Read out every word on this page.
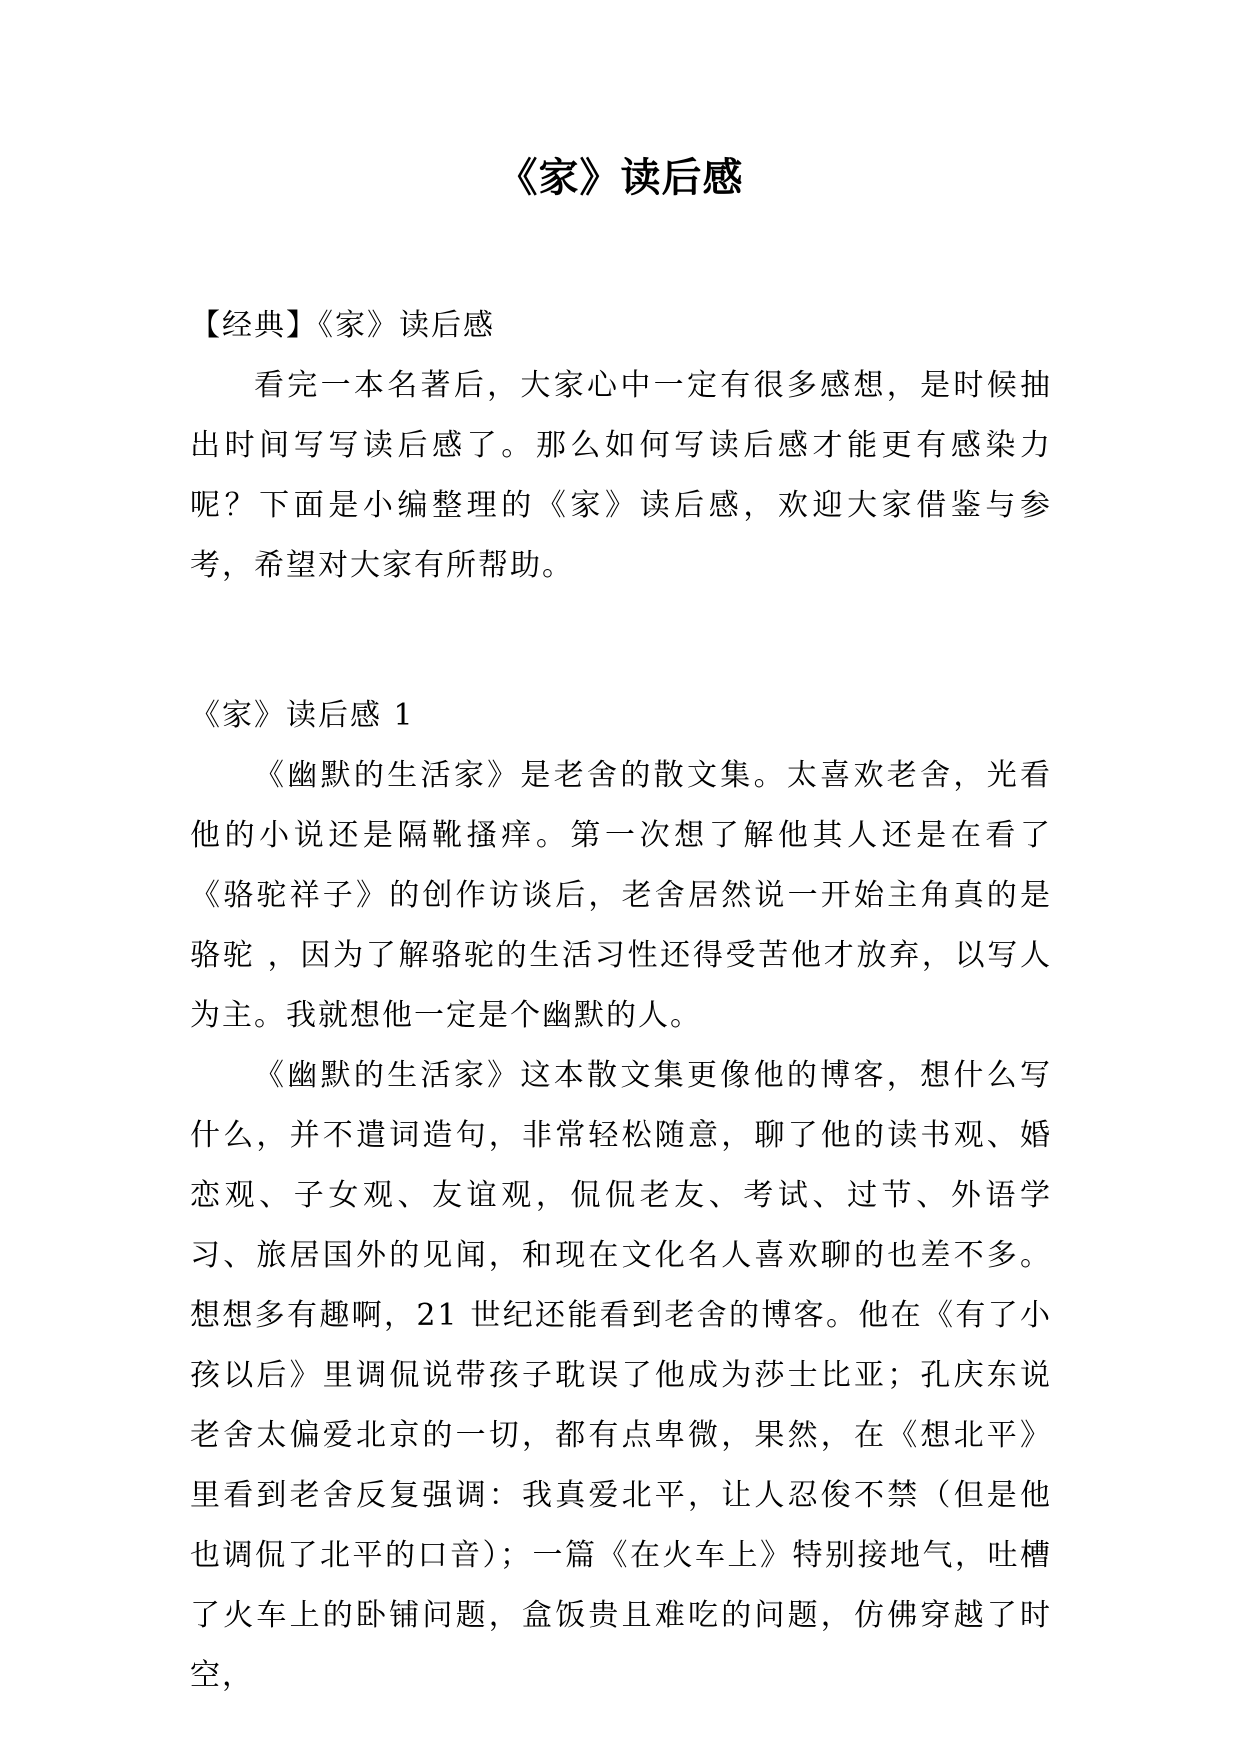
《家》读后感

【经典】《家》读后感

看完一本名著后，大家心中一定有很多感想，是时候抽出时间写写读后感了。那么如何写读后感才能更有感染力呢？下面是小编整理的《家》读后感，欢迎大家借鉴与参考，希望对大家有所帮助。

《家》读后感 1

《幽默的生活家》是老舍的散文集。太喜欢老舍，光看他的小说还是隔靴搔痒。第一次想了解他其人还是在看了《骆驼祥子》的创作访谈后，老舍居然说一开始主角真的是骆驼 ，因为了解骆驼的生活习性还得受苦他才放弃，以写人为主。我就想他一定是个幽默的人。

《幽默的生活家》这本散文集更像他的博客，想什么写什么，并不遣词造句，非常轻松随意，聊了他的读书观、婚恋观、子女观、友谊观，侃侃老友、考试、过节、外语学习、旅居国外的见闻，和现在文化名人喜欢聊的也差不多。想想多有趣啊，21 世纪还能看到老舍的博客。他在《有了小孩以后》里调侃说带孩子耽误了他成为莎士比亚；孔庆东说老舍太偏爱北京的一切，都有点卑微，果然，在《想北平》里看到老舍反复强调：我真爱北平，让人忍俊不禁（但是他也调侃了北平的口音）；一篇《在火车上》特别接地气，吐槽了火车上的卧铺问题，盒饭贵且难吃的问题，仿佛穿越了时空，
